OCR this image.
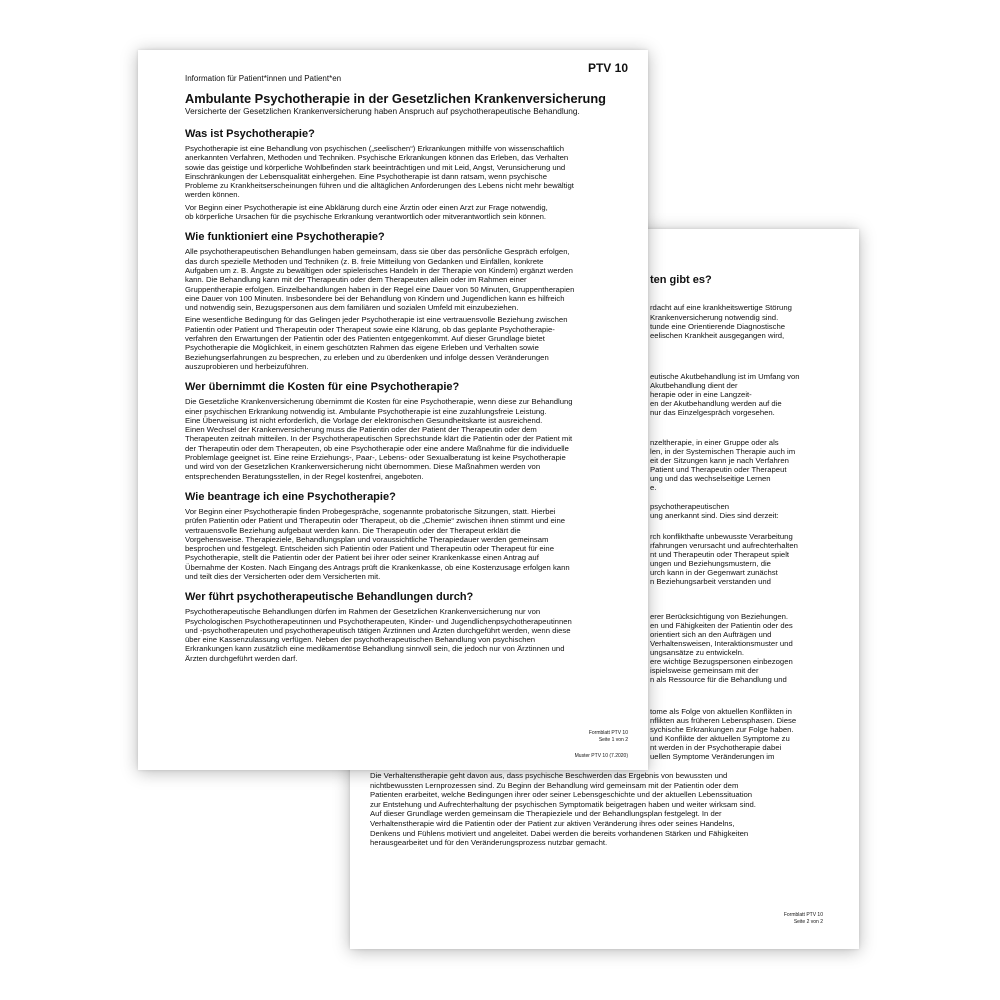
ten gibt es?
rdacht auf eine krankheitswertige Störung
Krankenversicherung notwendig sind.
tunde eine Orientierende Diagnostische
eelischen Krankheit ausgegangen wird,
eutische Akutbehandlung ist im Umfang von
Akutbehandlung dient der
herapie oder in eine Langzeit-
en der Akutbehandlung werden auf die
nur das Einzelgespräch vorgesehen.
nzeltherapie, in einer Gruppe oder als
len, in der Systemischen Therapie auch im
eit der Sitzungen kann je nach Verfahren
Patient und Therapeutin oder Therapeut
ung und das wechselseitige Lernen
e.
psychotherapeutischen
ung anerkannt sind. Dies sind derzeit:
rch konflikthafte unbewusste Verarbeitung
rfahrungen verursacht und aufrechterhalten
nt und Therapeutin oder Therapeut spielt
ungen und Beziehungsmustern, die
urch kann in der Gegenwart zunächst
n Beziehungsarbeit verstanden und
erer Berücksichtigung von Beziehungen.
en und Fähigkeiten der Patientin oder des
orientiert sich an den Aufträgen und
Verhaltensweisen, Interaktionsmuster und
ungsansätze zu entwickeln.
ere wichtige Bezugspersonen einbezogen
ispielsweise gemeinsam mit der
n als Ressource für die Behandlung und
tome als Folge von aktuellen Konflikten in
nflikten aus früheren Lebensphasen. Diese
sychische Erkrankungen zur Folge haben.
und Konflikte der aktuellen Symptome zu
nt werden in der Psychotherapie dabei
uellen Symptome Veränderungen im

Die Verhaltenstherapie geht davon aus, dass psychische Beschwerden das Ergebnis von bewussten und

nichtbewussten Lernprozessen sind. Zu Beginn der Behandlung wird gemeinsam mit der Patientin oder dem

Patienten erarbeitet, welche Bedingungen ihrer oder seiner Lebensgeschichte und der aktuellen Lebenssituation

zur Entstehung und Aufrechterhaltung der psychischen Symptomatik beigetragen haben und weiter wirksam sind.

Auf dieser Grundlage werden gemeinsam die Therapieziele und der Behandlungsplan festgelegt. In der

Verhaltenstherapie wird die Patientin oder der Patient zur aktiven Veränderung ihres oder seines Handelns,

Denkens und Fühlens motiviert und angeleitet. Dabei werden die bereits vorhandenen Stärken und Fähigkeiten

herausgearbeitet und für den Veränderungsprozess nutzbar gemacht.

Formblatt PTV 10
Seite 2 von 2
PTV 10

Information für Patient*innen und Patient*en

Ambulante Psychotherapie in der Gesetzlichen Krankenversicherung

Versicherte der Gesetzlichen Krankenversicherung haben Anspruch auf psychotherapeutische Behandlung.

Was ist Psychotherapie?

Psychotherapie ist eine Behandlung von psychischen („seelischen“) Erkrankungen mithilfe von wissenschaftlich
anerkannten Verfahren, Methoden und Techniken. Psychische Erkrankungen können das Erleben, das Verhalten
sowie das geistige und körperliche Wohlbefinden stark beeinträchtigen und mit Leid, Angst, Verunsicherung und
Einschränkungen der Lebensqualität einhergehen. Eine Psychotherapie ist dann ratsam, wenn psychische
Probleme zu Krankheitserscheinungen führen und die alltäglichen Anforderungen des Lebens nicht mehr bewältigt
werden können.

Vor Beginn einer Psychotherapie ist eine Abklärung durch eine Ärztin oder einen Arzt zur Frage notwendig,
ob körperliche Ursachen für die psychische Erkrankung verantwortlich oder mitverantwortlich sein können.

Wie funktioniert eine Psychotherapie?

Alle psychotherapeutischen Behandlungen haben gemeinsam, dass sie über das persönliche Gespräch erfolgen,
das durch spezielle Methoden und Techniken (z. B. freie Mitteilung von Gedanken und Einfällen, konkrete
Aufgaben um z. B. Ängste zu bewältigen oder spielerisches Handeln in der Therapie von Kindern) ergänzt werden
kann. Die Behandlung kann mit der Therapeutin oder dem Therapeuten allein oder im Rahmen einer
Gruppentherapie erfolgen. Einzelbehandlungen haben in der Regel eine Dauer von 50 Minuten, Gruppentherapien
eine Dauer von 100 Minuten. Insbesondere bei der Behandlung von Kindern und Jugendlichen kann es hilfreich
und notwendig sein, Bezugspersonen aus dem familiären und sozialen Umfeld mit einzubeziehen.

Eine wesentliche Bedingung für das Gelingen jeder Psychotherapie ist eine vertrauensvolle Beziehung zwischen
Patientin oder Patient und Therapeutin oder Therapeut sowie eine Klärung, ob das geplante Psychotherapie-
verfahren den Erwartungen der Patientin oder des Patienten entgegenkommt. Auf dieser Grundlage bietet
Psychotherapie die Möglichkeit, in einem geschützten Rahmen das eigene Erleben und Verhalten sowie
Beziehungserfahrungen zu besprechen, zu erleben und zu überdenken und infolge dessen Veränderungen
auszuprobieren und herbeizuführen.

Wer übernimmt die Kosten für eine Psychotherapie?

Die Gesetzliche Krankenversicherung übernimmt die Kosten für eine Psychotherapie, wenn diese zur Behandlung
einer psychischen Erkrankung notwendig ist. Ambulante Psychotherapie ist eine zuzahlungsfreie Leistung.
Eine Überweisung ist nicht erforderlich, die Vorlage der elektronischen Gesundheitskarte ist ausreichend.
Einen Wechsel der Krankenversicherung muss die Patientin oder der Patient der Therapeutin oder dem
Therapeuten zeitnah mitteilen. In der Psychotherapeutischen Sprechstunde klärt die Patientin oder der Patient mit
der Therapeutin oder dem Therapeuten, ob eine Psychotherapie oder eine andere Maßnahme für die individuelle
Problemlage geeignet ist. Eine reine Erziehungs-, Paar-, Lebens- oder Sexualberatung ist keine Psychotherapie
und wird von der Gesetzlichen Krankenversicherung nicht übernommen. Diese Maßnahmen werden von
entsprechenden Beratungsstellen, in der Regel kostenfrei, angeboten.

Wie beantrage ich eine Psychotherapie?

Vor Beginn einer Psychotherapie finden Probegespräche, sogenannte probatorische Sitzungen, statt. Hierbei
prüfen Patientin oder Patient und Therapeutin oder Therapeut, ob die „Chemie“ zwischen ihnen stimmt und eine
vertrauensvolle Beziehung aufgebaut werden kann. Die Therapeutin oder der Therapeut erklärt die
Vorgehensweise. Therapieziele, Behandlungsplan und voraussichtliche Therapiedauer werden gemeinsam
besprochen und festgelegt. Entscheiden sich Patientin oder Patient und Therapeutin oder Therapeut für eine
Psychotherapie, stellt die Patientin oder der Patient bei ihrer oder seiner Krankenkasse einen Antrag auf
Übernahme der Kosten. Nach Eingang des Antrags prüft die Krankenkasse, ob eine Kostenzusage erfolgen kann
und teilt dies der Versicherten oder dem Versicherten mit.

Wer führt psychotherapeutische Behandlungen durch?

Psychotherapeutische Behandlungen dürfen im Rahmen der Gesetzlichen Krankenversicherung nur von
Psychologischen Psychotherapeutinnen und Psychotherapeuten, Kinder- und Jugendlichenpsychotherapeutinnen
und -psychotherapeuten und psychotherapeutisch tätigen Ärztinnen und Ärzten durchgeführt werden, wenn diese
über eine Kassenzulassung verfügen. Neben der psychotherapeutischen Behandlung von psychischen
Erkrankungen kann zusätzlich eine medikamentöse Behandlung sinnvoll sein, die jedoch nur von Ärztinnen und
Ärzten durchgeführt werden darf.

Formblatt PTV 10
Seite 1 von 2
Muster PTV 10 (7.2020)
